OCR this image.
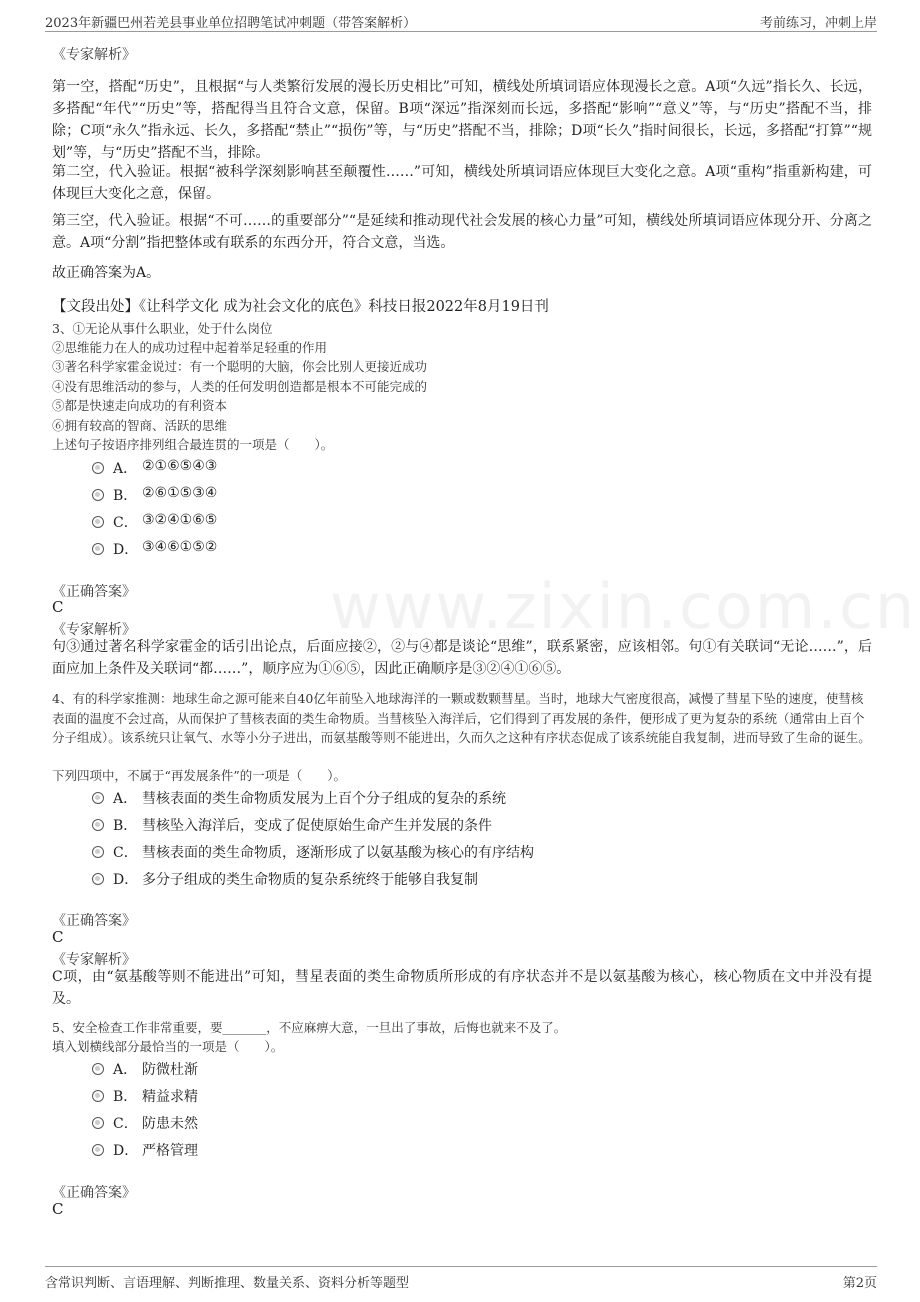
2023年新疆巴州若羌县事业单位招聘笔试冲刺题（带答案解析）	考前练习，冲刺上岸
www.zixin.com.cn
《专家解析》
第一空，搭配“历史”，且根据“与人类繁衍发展的漫长历史相比”可知，横线处所填词语应体现漫长之意。A项“久远”指长久、长远，多搭配“年代”“历史”等，搭配得当且符合文意，保留。B项“深远”指深刻而长远，多搭配“影响”“意义”等，与“历史”搭配不当，排除；C项“永久”指永远、长久，多搭配“禁止”“损伤”等，与“历史”搭配不当，排除；D项“长久”指时间很长，长远，多搭配“打算”“规划”等，与“历史”搭配不当，排除。
第二空，代入验证。根据“被科学深刻影响甚至颠覆性……”可知，横线处所填词语应体现巨大变化之意。A项“重构”指重新构建，可体现巨大变化之意，保留。
第三空，代入验证。根据“不可……的重要部分”“是延续和推动现代社会发展的核心力量”可知，横线处所填词语应体现分开、分离之意。A项“分割”指把整体或有联系的东西分开，符合文意，当选。
故正确答案为A。
【文段出处】《让科学文化 成为社会文化的底色》科技日报2022年8月19日刊
3、①无论从事什么职业，处于什么岗位
②思维能力在人的成功过程中起着举足轻重的作用
③著名科学家霍金说过：有一个聪明的大脑，你会比别人更接近成功
④没有思维活动的参与，人类的任何发明创造都是根本不可能完成的
⑤都是快速走向成功的有利资本
⑥拥有较高的智商、活跃的思维
上述句子按语序排列组合最连贯的一项是（　　）。
A． ②①⑥⑤④③
B． ②⑥①⑤③④
C． ③②④①⑥⑤
D． ③④⑥①⑤②
《正确答案》
C
《专家解析》
句③通过著名科学家霍金的话引出论点，后面应接②，②与④都是谈论“思维”，联系紧密，应该相邻。句①有关联词“无论……”，后面应加上条件及关联词“都……”，顺序应为①⑥⑤，因此正确顺序是③②④①⑥⑤。
4、有的科学家推测：地球生命之源可能来自40亿年前坠入地球海洋的一颗或数颗彗星。当时，地球大气密度很高，减慢了彗星下坠的速度，使彗核表面的温度不会过高，从而保护了彗核表面的类生命物质。当彗核坠入海洋后，它们得到了再发展的条件，便形成了更为复杂的系统（通常由上百个分子组成）。该系统只让氧气、水等小分子进出，而氨基酸等则不能进出，久而久之这种有序状态促成了该系统能自我复制，进而导致了生命的诞生。
下列四项中，不属于“再发展条件”的一项是（　　）。
A． 彗核表面的类生命物质发展为上百个分子组成的复杂的系统
B． 彗核坠入海洋后，变成了促使原始生命产生并发展的条件
C． 彗核表面的类生命物质，逐渐形成了以氨基酸为核心的有序结构
D． 多分子组成的类生命物质的复杂系统终于能够自我复制
《正确答案》
C
《专家解析》
C项，由“氨基酸等则不能进出”可知，彗星表面的类生命物质所形成的有序状态并不是以氨基酸为核心，核心物质在文中并没有提及。
5、安全检查工作非常重要，要_______，不应麻痹大意，一旦出了事故，后悔也就来不及了。
填入划横线部分最恰当的一项是（　　）。
A． 防微杜渐
B． 精益求精
C． 防患未然
D． 严格管理
《正确答案》
C
含常识判断、言语理解、判断推理、数量关系、资料分析等题型	第2页
